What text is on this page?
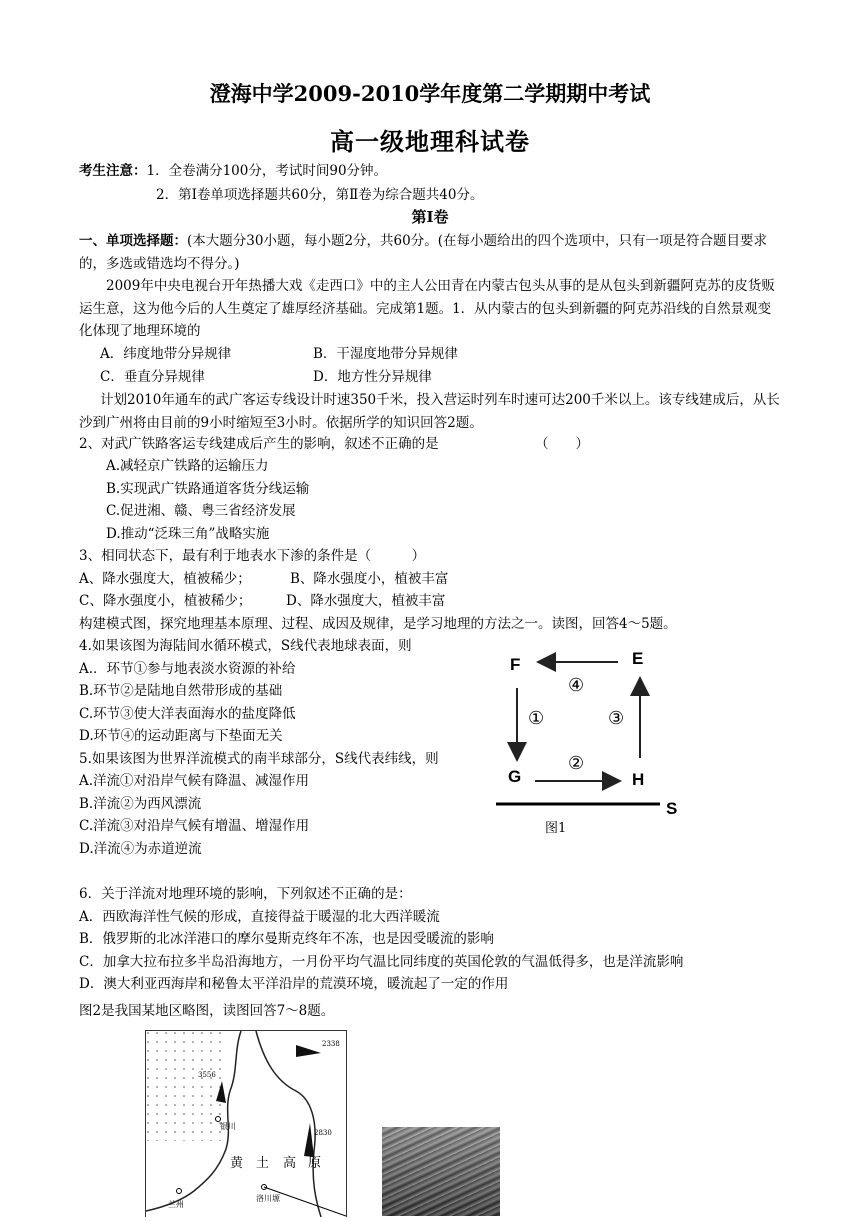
澄海中学2009-2010学年度第二学期期中考试
高一级地理科试卷
考生注意：1．全卷满分100分，考试时间90分钟。
2．第Ⅰ卷单项选择题共60分，第Ⅱ卷为综合题共40分。
第Ⅰ卷
一、单项选择题：(本大题分30小题，每小题2分，共60分。(在每小题给出的四个选项中，只有一项是符合题目要求的，多选或错选均不得分。)
2009年中央电视台开年热播大戏《走西口》中的主人公田青在内蒙古包头从事的是从包头到新疆阿克苏的皮货贩运生意，这为他今后的人生奠定了雄厚经济基础。完成第1题。1．从内蒙古的包头到新疆的阿克苏沿线的自然景观变化体现了地理环境的
A．纬度地带分异规律	B．干湿度地带分异规律
C．垂直分异规律	D．地方性分异规律
计划2010年通车的武广客运专线设计时速350千米，投入营运时列车时速可达200千米以上。该专线建成后，从长沙到广州将由目前的9小时缩短至3小时。依据所学的知识回答2题。
2、对武广铁路客运专线建成后产生的影响，叙述不正确的是	（　　）
A.减轻京广铁路的运输压力
B.实现武广铁路通道客货分线运输
C.促进湘、赣、粤三省经济发展
D.推动“泛珠三角”战略实施
3、相同状态下，最有利于地表水下渗的条件是（　　　）
A、降水强度大，植被稀少；	B、降水强度小，植被丰富
C、降水强度小，植被稀少；	D、降水强度大，植被丰富
构建模式图，探究地理基本原理、过程、成因及规律，是学习地理的方法之一。读图，回答4～5题。
4.如果该图为海陆间水循环模式，S线代表地球表面，则
A.．环节①参与地表淡水资源的补给
B.环节②是陆地自然带形成的基础
C.环节③使大洋表面海水的盐度降低
D.环节④的运动距离与下垫面无关
5.如果该图为世界洋流模式的南半球部分，S线代表纬线，则
A.洋流①对沿岸气候有降温、减湿作用
B.洋流②为西风漂流
C.洋流③对沿岸气候有增温、增湿作用
D.洋流④为赤道逆流
F	E
G	H
S
④
①	③
②
图1
6．关于洋流对地理环境的影响，下列叙述不正确的是：
A．西欧海洋性气候的形成，直接得益于暖湿的北大西洋暖流
B．俄罗斯的北冰洋港口的摩尔曼斯克终年不冻，也是因受暖流的影响
C．加拿大拉布拉多半岛沿海地方，一月份平均气温比同纬度的英国伦敦的气温低得多，也是洋流影响
D．澳大利亚西海岸和秘鲁太平洋沿岸的荒漠环境，暖流起了一定的作用
图2是我国某地区略图，读图回答7～8题。
2338
3556
2830
银川
兰州
洛川塬
黄 土 高 原
